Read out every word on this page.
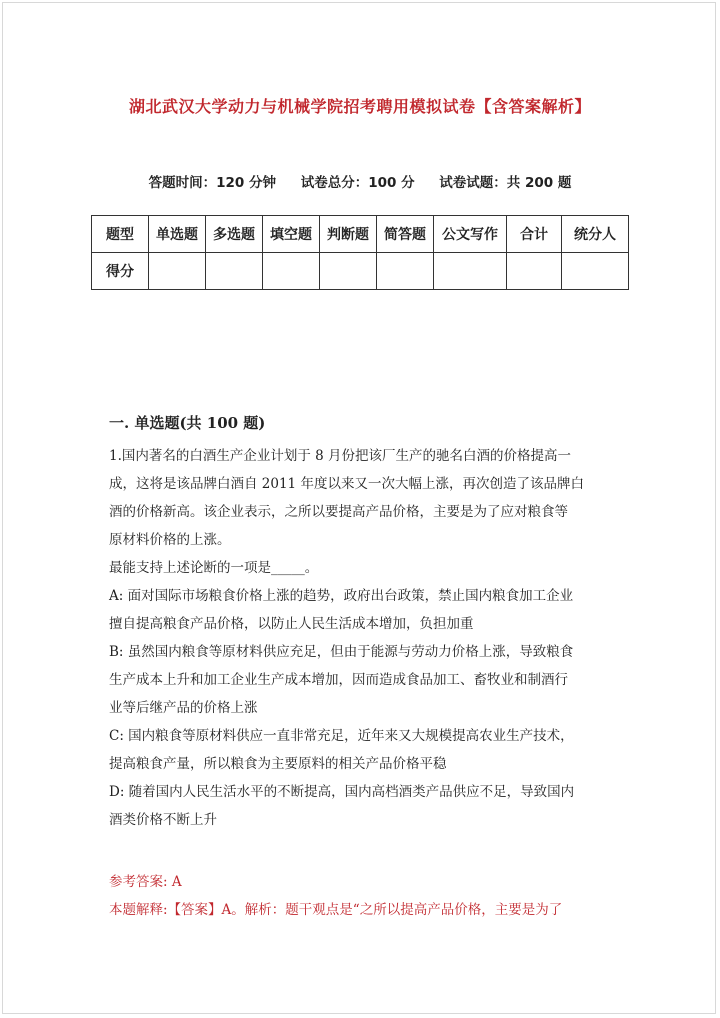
湖北武汉大学动力与机械学院招考聘用模拟试卷【含答案解析】
答题时间：120 分钟 试卷总分：100 分 试卷试题：共 200 题
题型	单选题	多选题	填空题	判断题	简答题	公文写作	合计	统分人
得分								
一. 单选题(共 100 题)

1.国内著名的白酒生产企业计划于 8 月份把该厂生产的驰名白酒的价格提高一

成，这将是该品牌白酒自 2011 年度以来又一次大幅上涨，再次创造了该品牌白

酒的价格新高。该企业表示，之所以要提高产品价格，主要是为了应对粮食等

原材料价格的上涨。

最能支持上述论断的一项是_____。

A: 面对国际市场粮食价格上涨的趋势，政府出台政策，禁止国内粮食加工企业

擅自提高粮食产品价格，以防止人民生活成本增加，负担加重

B: 虽然国内粮食等原材料供应充足，但由于能源与劳动力价格上涨，导致粮食

生产成本上升和加工企业生产成本增加，因而造成食品加工、畜牧业和制酒行

业等后继产品的价格上涨

C: 国内粮食等原材料供应一直非常充足，近年来又大规模提高农业生产技术，

提高粮食产量，所以粮食为主要原料的相关产品价格平稳

D: 随着国内人民生活水平的不断提高，国内高档酒类产品供应不足，导致国内

酒类价格不断上升

参考答案: A

本题解释:【答案】A。解析：题干观点是“之所以提高产品价格，主要是为了
